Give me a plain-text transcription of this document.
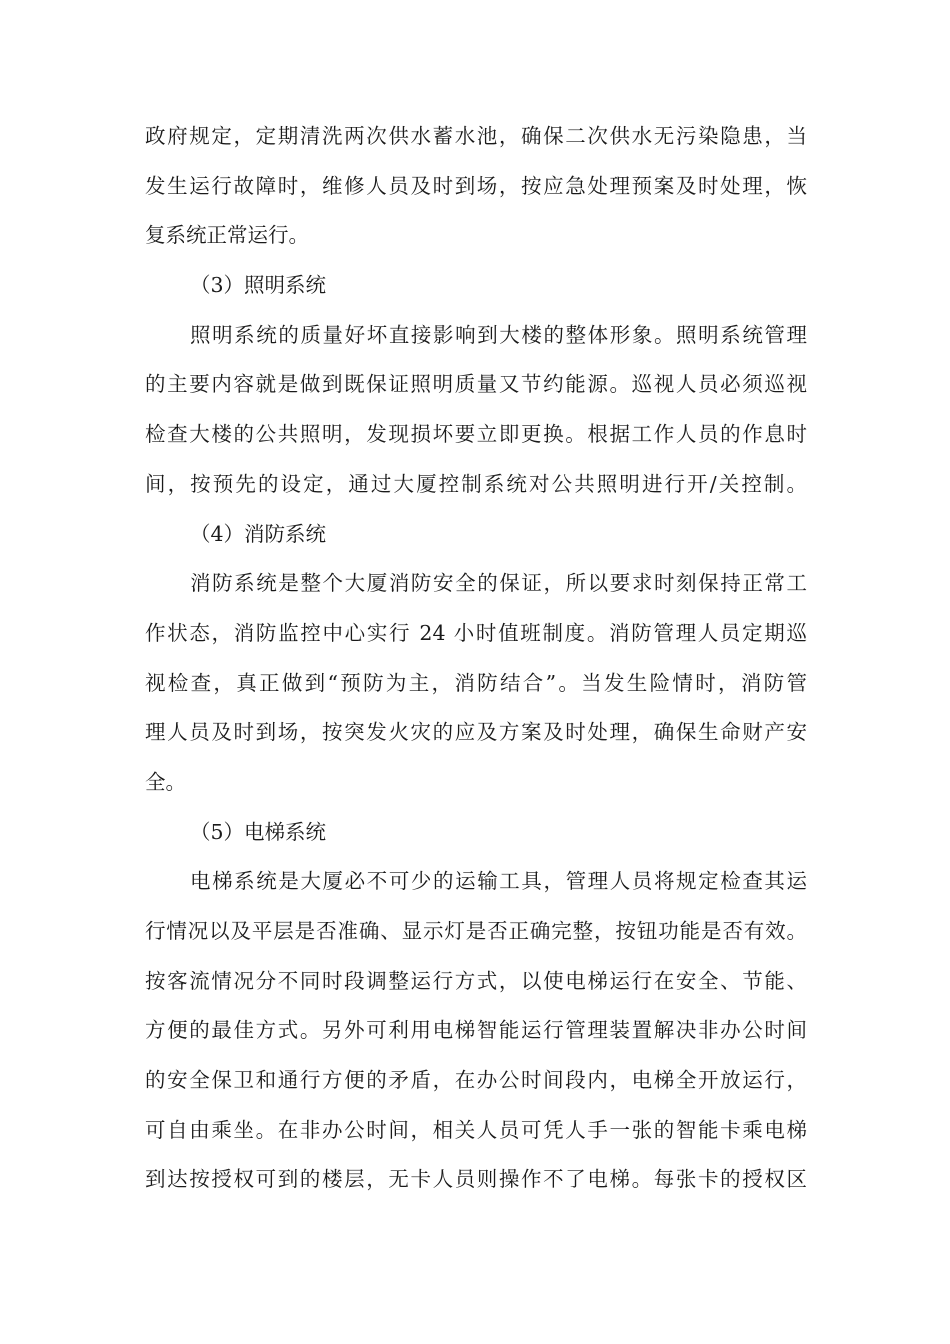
政府规定，定期清洗两次供水蓄水池，确保二次供水无污染隐患，当
发生运行故障时，维修人员及时到场，按应急处理预案及时处理，恢
复系统正常运行。
（3）照明系统
照明系统的质量好坏直接影响到大楼的整体形象。照明系统管理
的主要内容就是做到既保证照明质量又节约能源。巡视人员必须巡视
检查大楼的公共照明，发现损坏要立即更换。根据工作人员的作息时
间，按预先的设定，通过大厦控制系统对公共照明进行开/关控制。
（4）消防系统
消防系统是整个大厦消防安全的保证，所以要求时刻保持正常工
作状态，消防监控中心实行 24 小时值班制度。消防管理人员定期巡
视检查，真正做到“预防为主，消防结合”。当发生险情时，消防管
理人员及时到场，按突发火灾的应及方案及时处理，确保生命财产安
全。
（5）电梯系统
电梯系统是大厦必不可少的运输工具，管理人员将规定检查其运
行情况以及平层是否准确、显示灯是否正确完整，按钮功能是否有效。
按客流情况分不同时段调整运行方式，以使电梯运行在安全、节能、
方便的最佳方式。另外可利用电梯智能运行管理装置解决非办公时间
的安全保卫和通行方便的矛盾，在办公时间段内，电梯全开放运行，
可自由乘坐。在非办公时间，相关人员可凭人手一张的智能卡乘电梯
到达按授权可到的楼层，无卡人员则操作不了电梯。每张卡的授权区
